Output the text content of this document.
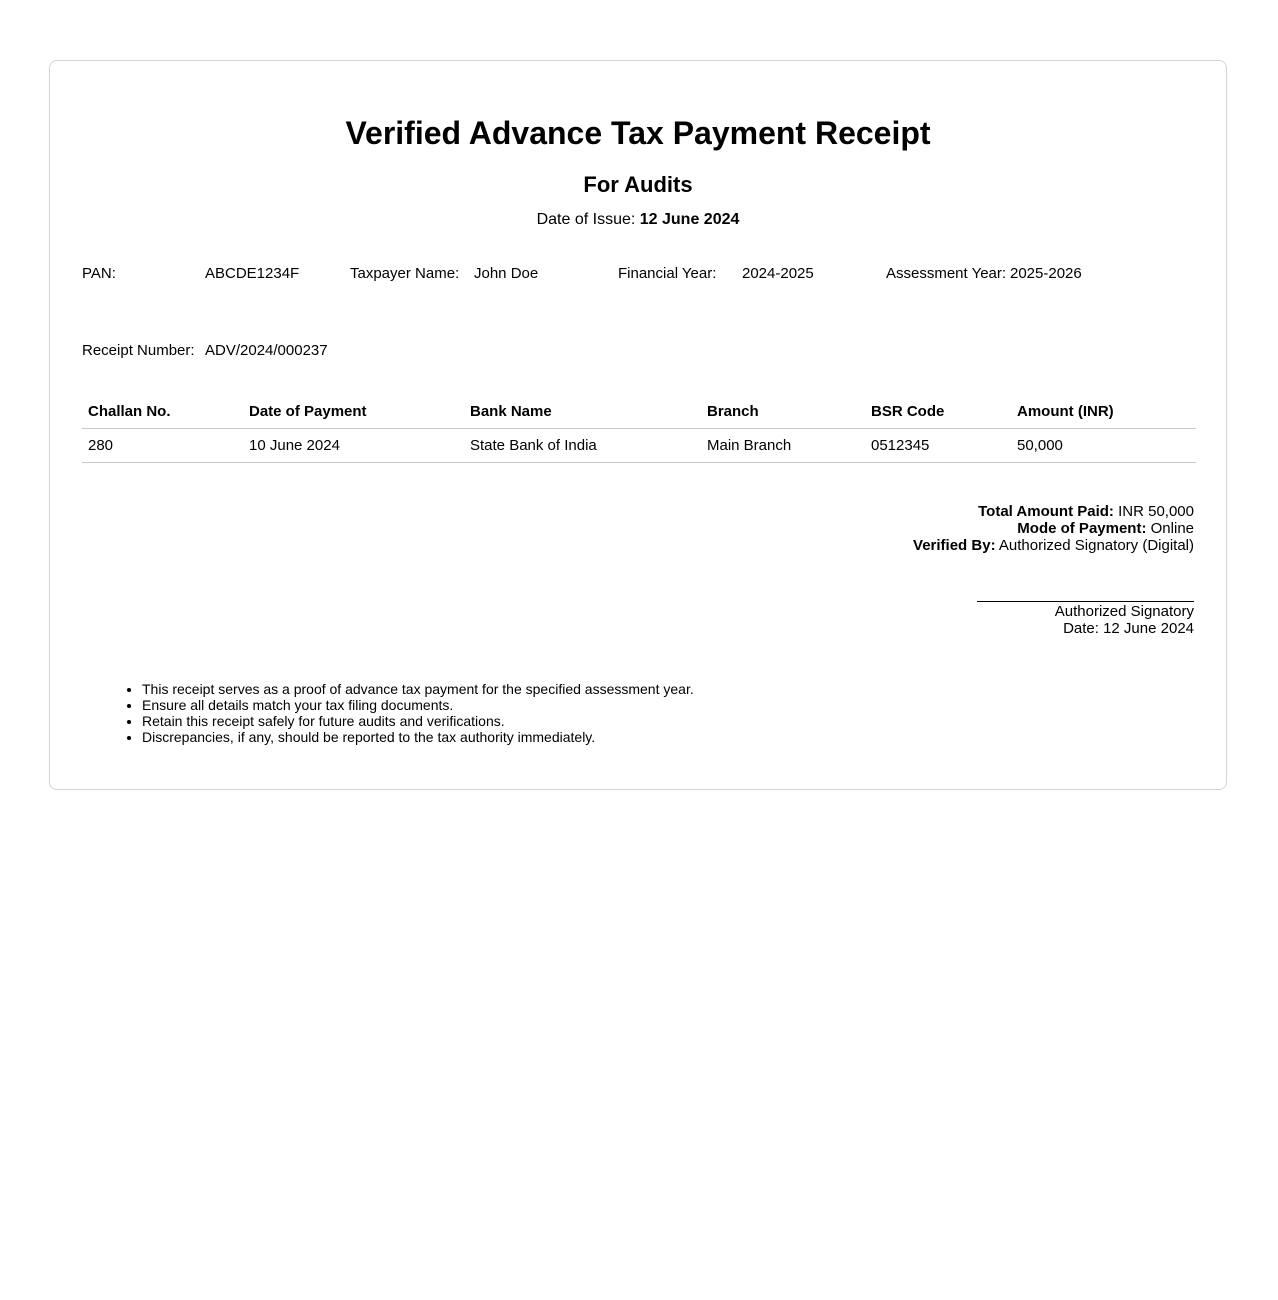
Verified Advance Tax Payment Receipt
For Audits
Date of Issue: 12 June 2024
PAN:	ABCDE1234F	Taxpayer Name: John Doe	Financial Year: 2024-2025	Assessment Year: 2025-2026
Receipt Number: ADV/2024/000237
Challan No.	Date of Payment	Bank Name	Branch	BSR Code	Amount (INR)
280	10 June 2024	State Bank of India	Main Branch	0512345	50,000
Total Amount Paid: INR 50,000
Mode of Payment: Online
Verified By: Authorized Signatory (Digital)
Authorized Signatory
Date: 12 June 2024
• This receipt serves as a proof of advance tax payment for the specified assessment year.
• Ensure all details match your tax filing documents.
• Retain this receipt safely for future audits and verifications.
• Discrepancies, if any, should be reported to the tax authority immediately.
